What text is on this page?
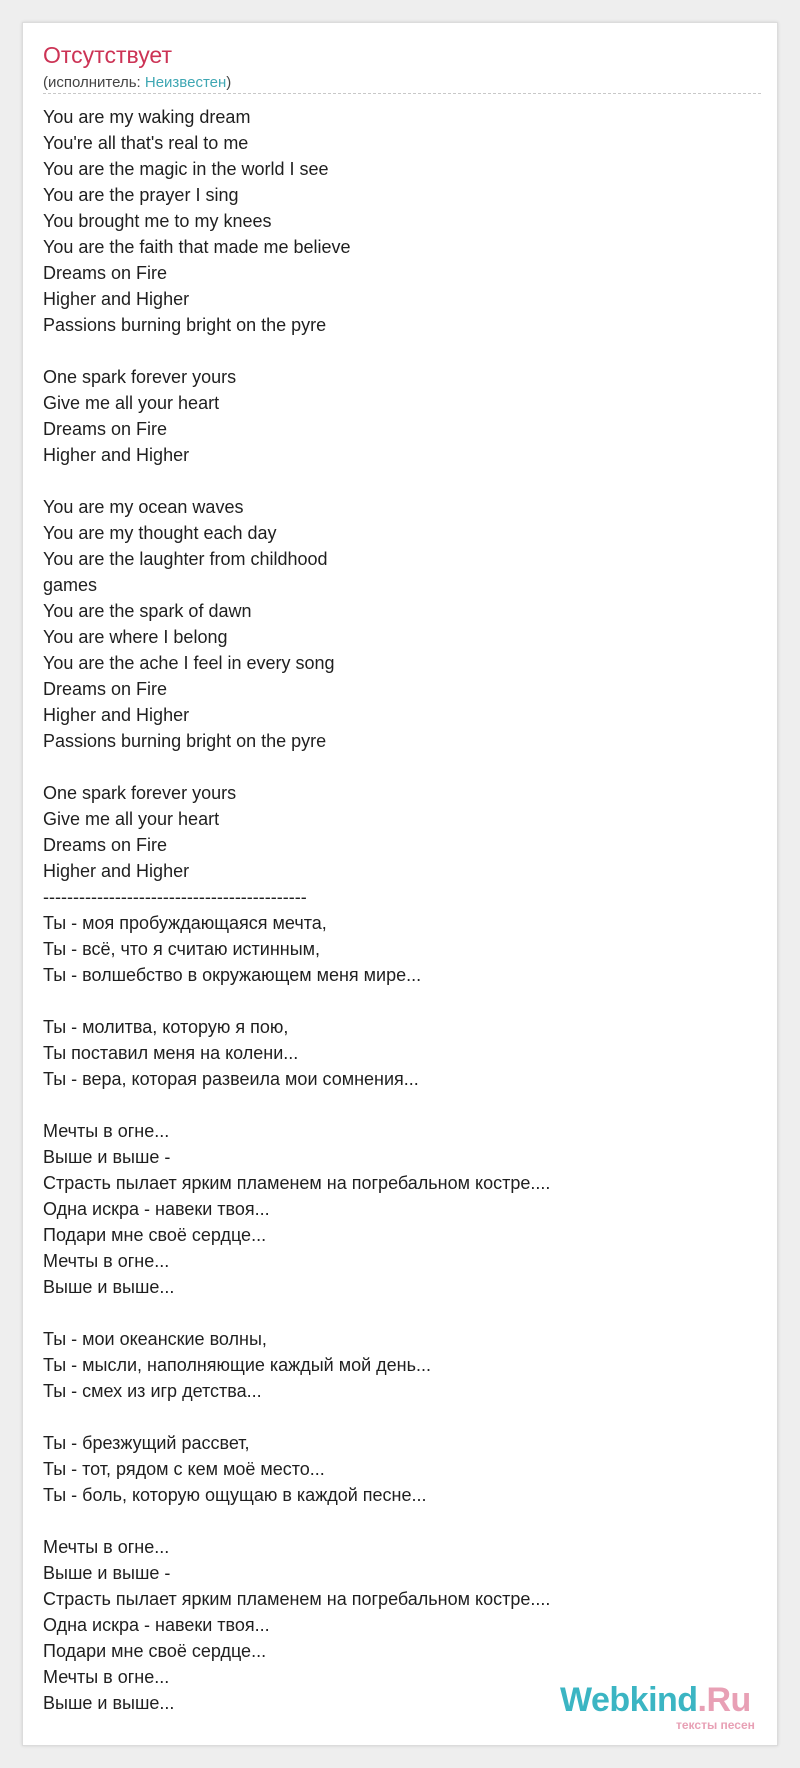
Отсутствует
(исполнитель: Неизвестен)
You are my waking dream
You're all that's real to me
You are the magic in the world I see
You are the prayer I sing
You brought me to my knees
You are the faith that made me believe
Dreams on Fire
Higher and Higher
Passions burning bright on the pyre
One spark forever yours
Give me all your heart
Dreams on Fire
Higher and Higher
You are my ocean waves
You are my thought each day
You are the laughter from childhood
games
You are the spark of dawn
You are where I belong
You are the ache I feel in every song
Dreams on Fire
Higher and Higher
Passions burning bright on the pyre
One spark forever yours
Give me all your heart
Dreams on Fire
Higher and Higher
--------------------------------------------
Ты - моя пробуждающаяся мечта,
Ты - всё, что я считаю истинным,
Ты - волшебство в окружающем меня мире...
Ты - молитва, которую я пою,
Ты поставил меня на колени...
Ты - вера, которая развеила мои сомнения...
Мечты в огне...
Выше и выше -
Страсть пылает ярким пламенем на погребальном костре....
Одна искра - навеки твоя...
Подари мне своё сердце...
Мечты в огне...
Выше и выше...
Ты - мои океанские волны,
Ты - мысли, наполняющие каждый мой день...
Ты - смех из игр детства...
Ты - брезжущий рассвет,
Ты - тот, рядом с кем моё место...
Ты - боль, которую ощущаю в каждой песне...
Мечты в огне...
Выше и выше -
Страсть пылает ярким пламенем на погребальном костре....
Одна искра - навеки твоя...
Подари мне своё сердце...
Мечты в огне...
Выше и выше...	Webkind.Ru
тексты песен
